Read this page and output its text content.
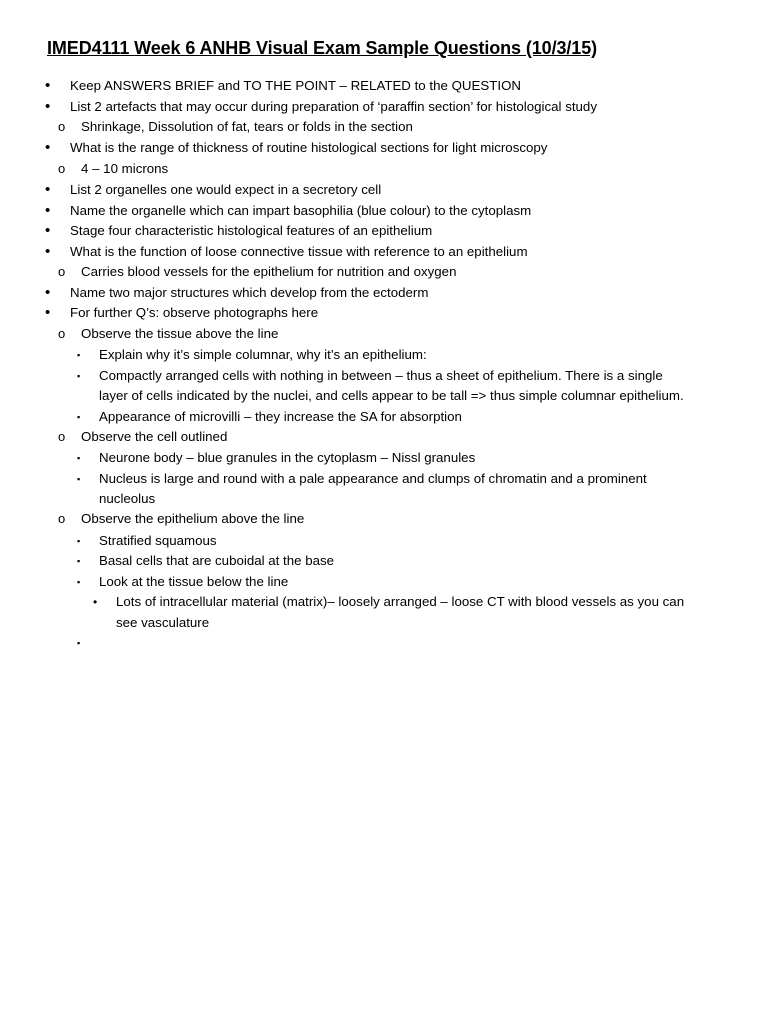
IMED4111 Week 6 ANHB Visual Exam Sample Questions (10/3/15)
• Keep ANSWERS BRIEF and TO THE POINT – RELATED to the QUESTION
• List 2 artefacts that may occur during preparation of ‘paraffin section’ for histological study
o Shrinkage, Dissolution of fat, tears or folds in the section
• What is the range of thickness of routine histological sections for light microscopy
o 4 – 10 microns
• List 2 organelles one would expect in a secretory cell
• Name the organelle which can impart basophilia (blue colour) to the cytoplasm
• Stage four characteristic histological features of an epithelium
• What is the function of loose connective tissue with reference to an epithelium
o Carries blood vessels for the epithelium for nutrition and oxygen
• Name two major structures which develop from the ectoderm
• For further Q’s: observe photographs here
o Observe the tissue above the line
▪ Explain why it’s simple columnar, why it’s an epithelium:
▪ Compactly arranged cells with nothing in between – thus a sheet of epithelium. There is a single
layer of cells indicated by the nuclei, and cells appear to be tall => thus simple columnar epithelium.
▪ Appearance of microvilli – they increase the SA for absorption
o Observe the cell outlined
▪ Neurone body – blue granules in the cytoplasm – Nissl granules
▪ Nucleus is large and round with a pale appearance and clumps of chromatin and a prominent
nucleolus
o Observe the epithelium above the line
▪ Stratified squamous
▪ Basal cells that are cuboidal at the base
▪ Look at the tissue below the line
• Lots of intracellular material (matrix)– loosely arranged – loose CT with blood vessels as you can
see vasculature
▪
